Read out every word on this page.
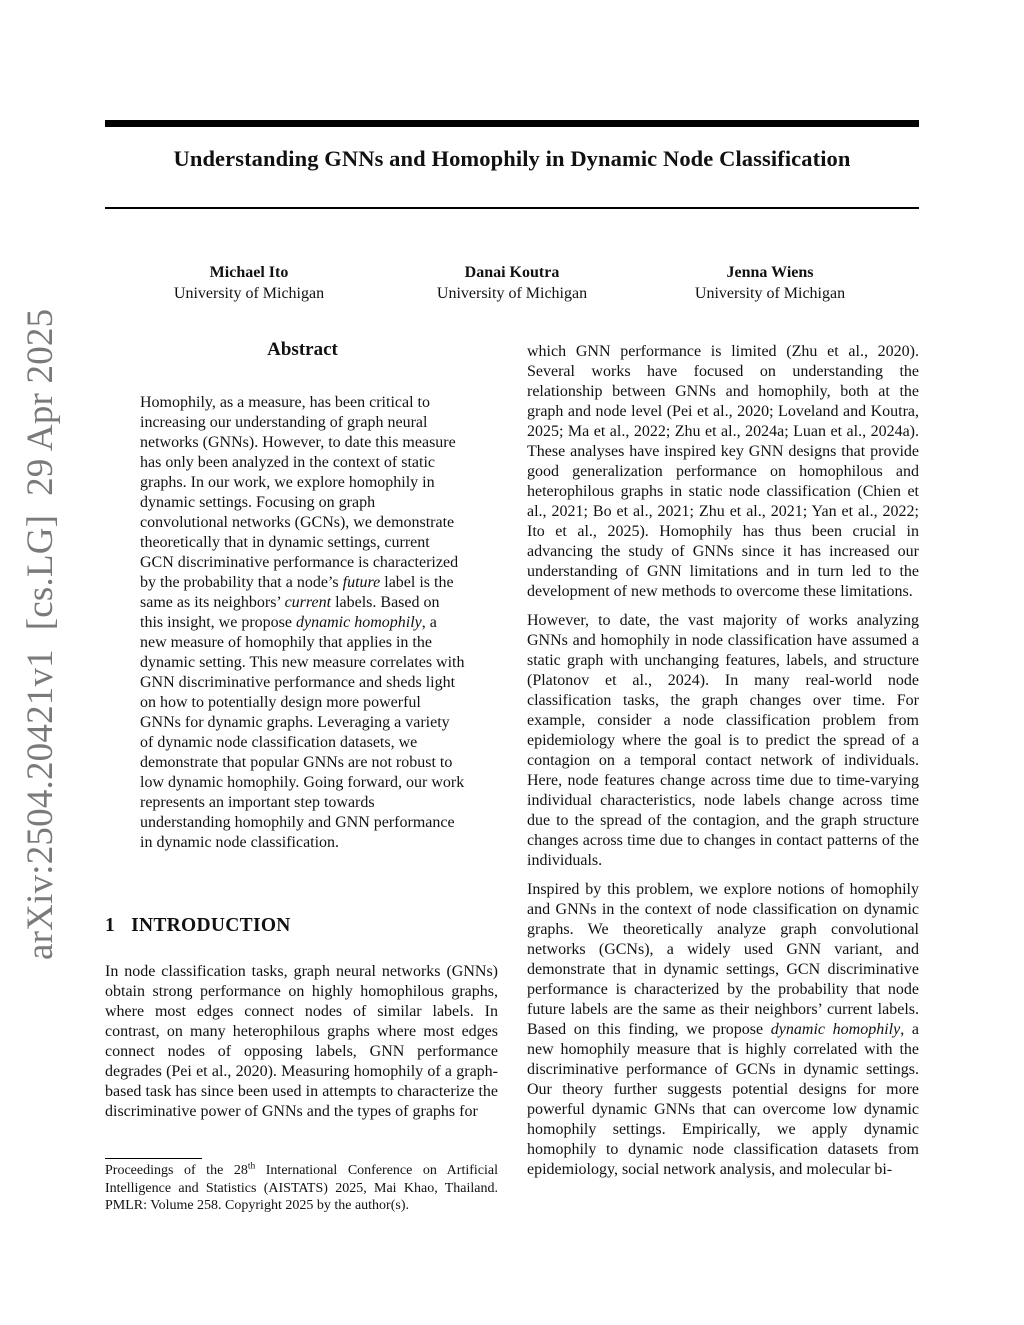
Understanding GNNs and Homophily in Dynamic Node Classification
Michael Ito
University of Michigan
Danai Koutra
University of Michigan
Jenna Wiens
University of Michigan
arXiv:2504.20421v1  [cs.LG]  29 Apr 2025	Abstract

Homophily, as a measure, has been critical to increasing our understanding of graph neural networks (GNNs). However, to date this measure has only been analyzed in the context of static graphs. In our work, we explore homophily in dynamic settings. Focusing on graph convolutional networks (GCNs), we demonstrate theoretically that in dynamic settings, current GCN discriminative performance is characterized by the probability that a node’s future label is the same as its neighbors’ current labels. Based on this insight, we propose dynamic homophily, a new measure of homophily that applies in the dynamic setting. This new measure correlates with GNN discriminative performance and sheds light on how to potentially design more powerful GNNs for dynamic graphs. Leveraging a variety of dynamic node classification datasets, we demonstrate that popular GNNs are not robust to low dynamic homophily. Going forward, our work represents an important step towards understanding homophily and GNN performance in dynamic node classification.

1 INTRODUCTION

In node classification tasks, graph neural networks (GNNs) obtain strong performance on highly homophilous graphs, where most edges connect nodes of similar labels. In contrast, on many heterophilous graphs where most edges connect nodes of opposing labels, GNN performance degrades (Pei et al., 2020). Measuring homophily of a graph-based task has since been used in attempts to characterize the discriminative power of GNNs and the types of graphs for

Proceedings of the 28th International Conference on Artificial Intelligence and Statistics (AISTATS) 2025, Mai Khao, Thailand. PMLR: Volume 258. Copyright 2025 by the author(s).

which GNN performance is limited (Zhu et al., 2020). Several works have focused on understanding the relationship between GNNs and homophily, both at the graph and node level (Pei et al., 2020; Loveland and Koutra, 2025; Ma et al., 2022; Zhu et al., 2024a; Luan et al., 2024a). These analyses have inspired key GNN designs that provide good generalization performance on homophilous and heterophilous graphs in static node classification (Chien et al., 2021; Bo et al., 2021; Zhu et al., 2021; Yan et al., 2022; Ito et al., 2025). Homophily has thus been crucial in advancing the study of GNNs since it has increased our understanding of GNN limitations and in turn led to the development of new methods to overcome these limitations.

However, to date, the vast majority of works analyzing GNNs and homophily in node classification have assumed a static graph with unchanging features, labels, and structure (Platonov et al., 2024). In many real-world node classification tasks, the graph changes over time. For example, consider a node classification problem from epidemiology where the goal is to predict the spread of a contagion on a temporal contact network of individuals. Here, node features change across time due to time-varying individual characteristics, node labels change across time due to the spread of the contagion, and the graph structure changes across time due to changes in contact patterns of the individuals.

Inspired by this problem, we explore notions of homophily and GNNs in the context of node classification on dynamic graphs. We theoretically analyze graph convolutional networks (GCNs), a widely used GNN variant, and demonstrate that in dynamic settings, GCN discriminative performance is characterized by the probability that node future labels are the same as their neighbors’ current labels. Based on this finding, we propose dynamic homophily, a new homophily measure that is highly correlated with the discriminative performance of GCNs in dynamic settings. Our theory further suggests potential designs for more powerful dynamic GNNs that can overcome low dynamic homophily settings. Empirically, we apply dynamic homophily to dynamic node classification datasets from epidemiology, social network analysis, and molecular bi-
